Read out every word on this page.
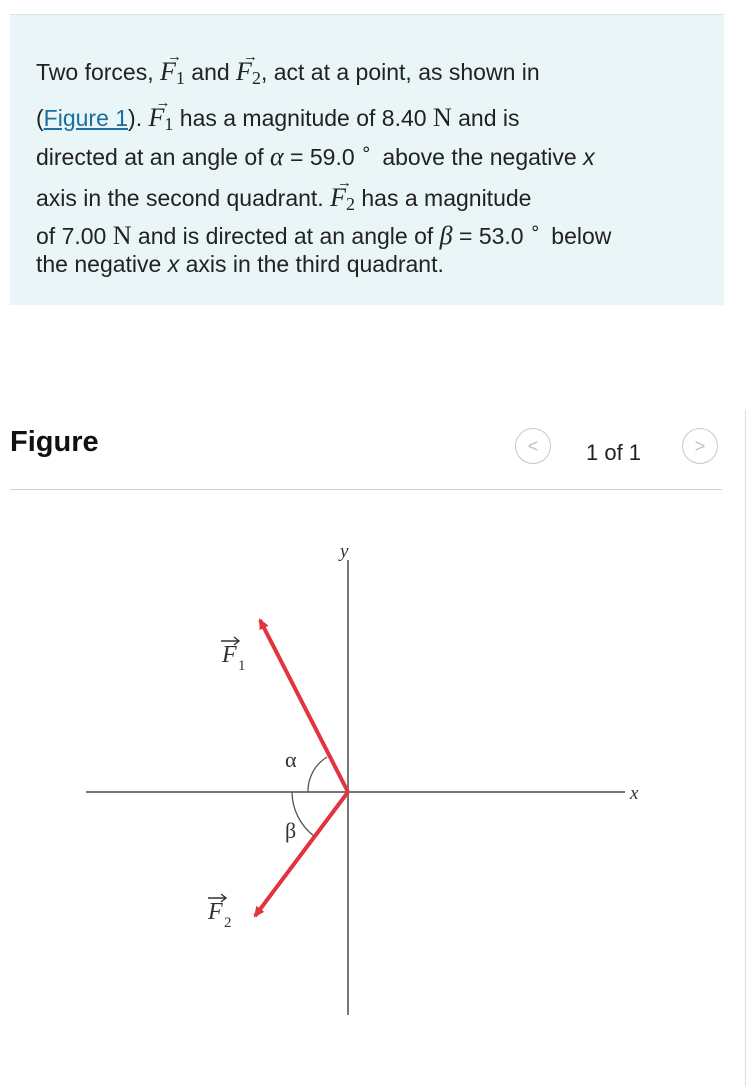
Two forces,
→
$F_1$ and
→
$F_2$, act at a point, as shown in
(Figure 1).
→
$F_1$ has a magnitude of 8.40 N and is
directed at an angle of α = 59.0 ∘ above the negative x
axis in the second quadrant.
→
$F_2$ has a magnitude
of 7.00 N and is directed at an angle of β = 53.0 ∘ below
the negative x axis in the third quadrant.
Figure	< 1 of 1	>
y
x
α
β
F 1
F 2
